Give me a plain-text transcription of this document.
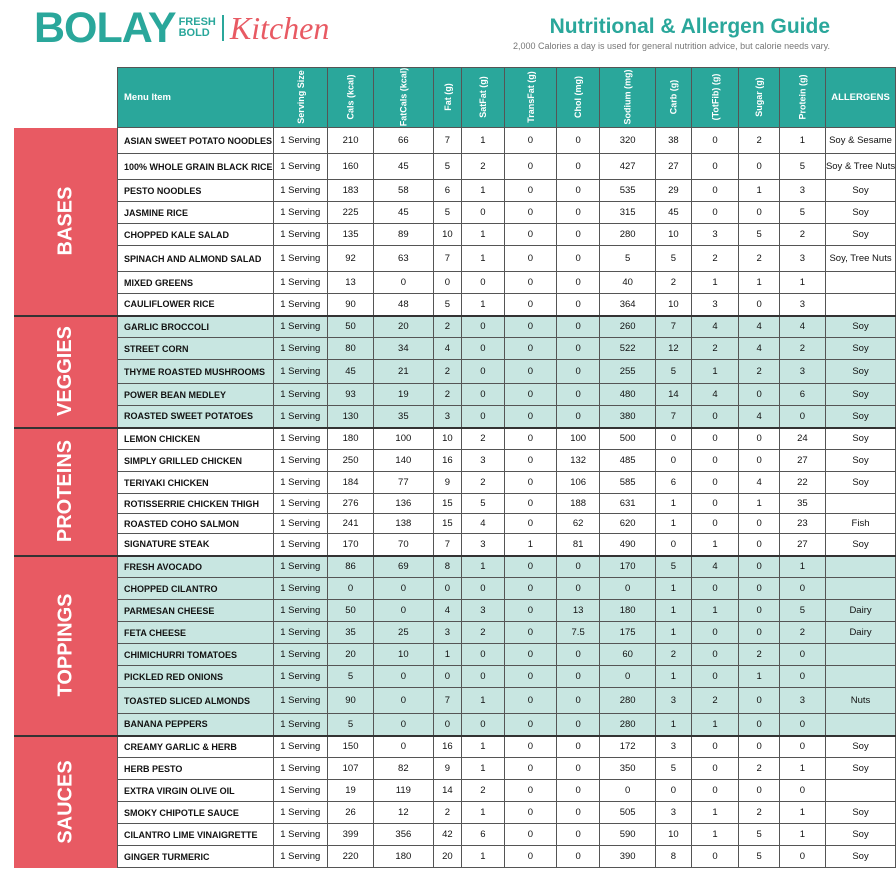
BOLAY FRESH
BOLD Kitchen	Nutritional & Allergen Guide
2,000 Calories a day is used for general nutrition advice, but calorie needs vary.
	Menu Item	Serving Size	Cals (kcal)	FatCals (kcal)	Fat (g)	SatFat (g)	TransFat (g)	Chol (mg)	Sodium (mg)	Carb (g)	(TotFib) (g)	Sugar (g)	Protein (g)	ALLERGENS
BASES	ASIAN SWEET POTATO NOODLES	1 Serving	210	66	7	1	0	0	320	38	0	2	1	Soy & Sesame
	100% WHOLE GRAIN BLACK RICE	1 Serving	160	45	5	2	0	0	427	27	0	0	5	Soy & Tree Nuts
	PESTO NOODLES	1 Serving	183	58	6	1	0	0	535	29	0	1	3	Soy
	JASMINE RICE	1 Serving	225	45	5	0	0	0	315	45	0	0	5	Soy
	CHOPPED KALE SALAD	1 Serving	135	89	10	1	0	0	280	10	3	5	2	Soy
	SPINACH AND ALMOND SALAD	1 Serving	92	63	7	1	0	0	5	5	2	2	3	Soy, Tree Nuts
	MIXED GREENS	1 Serving	13	0	0	0	0	0	40	2	1	1	1	
	CAULIFLOWER RICE	1 Serving	90	48	5	1	0	0	364	10	3	0	3	
VEGGIES	GARLIC BROCCOLI	1 Serving	50	20	2	0	0	0	260	7	4	4	4	Soy
	STREET CORN	1 Serving	80	34	4	0	0	0	522	12	2	4	2	Soy
	THYME ROASTED MUSHROOMS	1 Serving	45	21	2	0	0	0	255	5	1	2	3	Soy
	POWER BEAN MEDLEY	1 Serving	93	19	2	0	0	0	480	14	4	0	6	Soy
	ROASTED SWEET POTATOES	1 Serving	130	35	3	0	0	0	380	7	0	4	0	Soy
PROTEINS	LEMON CHICKEN	1 Serving	180	100	10	2	0	100	500	0	0	0	24	Soy
	SIMPLY GRILLED CHICKEN	1 Serving	250	140	16	3	0	132	485	0	0	0	27	Soy
	TERIYAKI CHICKEN	1 Serving	184	77	9	2	0	106	585	6	0	4	22	Soy
	ROTISSERRIE CHICKEN THIGH	1 Serving	276	136	15	5	0	188	631	1	0	1	35	
	ROASTED COHO SALMON	1 Serving	241	138	15	4	0	62	620	1	0	0	23	Fish
	SIGNATURE STEAK	1 Serving	170	70	7	3	1	81	490	0	1	0	27	Soy
TOPPINGS	FRESH AVOCADO	1 Serving	86	69	8	1	0	0	170	5	4	0	1	
	CHOPPED CILANTRO	1 Serving	0	0	0	0	0	0	0	1	0	0	0	
	PARMESAN CHEESE	1 Serving	50	0	4	3	0	13	180	1	1	0	5	Dairy
	FETA CHEESE	1 Serving	35	25	3	2	0	7.5	175	1	0	0	2	Dairy
	CHIMICHURRI TOMATOES	1 Serving	20	10	1	0	0	0	60	2	0	2	0	
	PICKLED RED ONIONS	1 Serving	5	0	0	0	0	0	0	1	0	1	0	
	TOASTED SLICED ALMONDS	1 Serving	90	0	7	1	0	0	280	3	2	0	3	Nuts
	BANANA PEPPERS	1 Serving	5	0	0	0	0	0	280	1	1	0	0	
SAUCES	CREAMY GARLIC & HERB	1 Serving	150	0	16	1	0	0	172	3	0	0	0	Soy
	HERB PESTO	1 Serving	107	82	9	1	0	0	350	5	0	2	1	Soy
	EXTRA VIRGIN OLIVE OIL	1 Serving	19	119	14	2	0	0	0	0	0	0	0	
	SMOKY CHIPOTLE SAUCE	1 Serving	26	12	2	1	0	0	505	3	1	2	1	Soy
	CILANTRO LIME VINAIGRETTE	1 Serving	399	356	42	6	0	0	590	10	1	5	1	Soy
	GINGER TURMERIC	1 Serving	220	180	20	1	0	0	390	8	0	5	0	Soy
